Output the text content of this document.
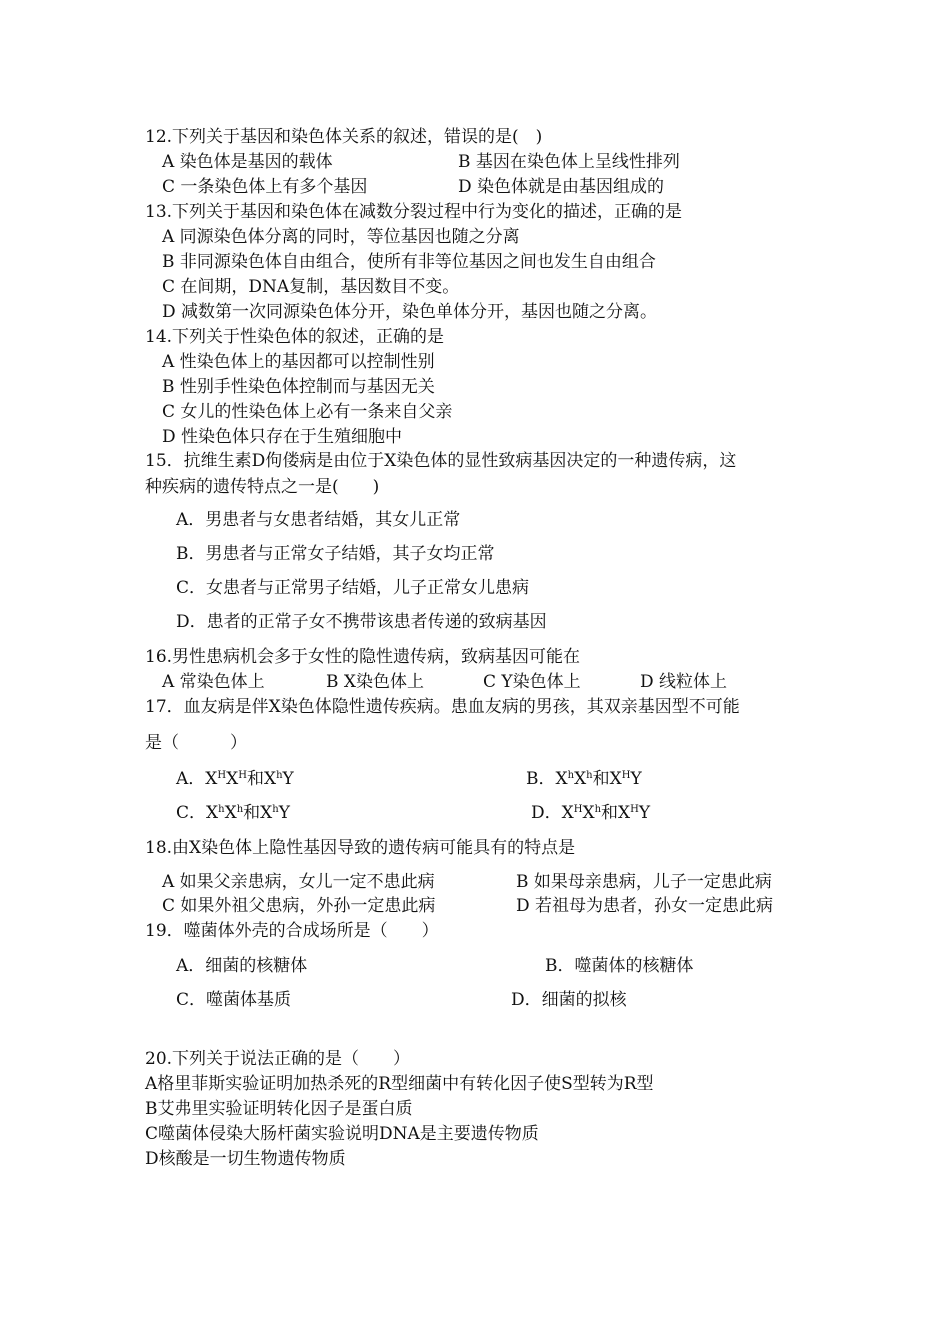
12.下列关于基因和染色体关系的叙述，错误的是(　)
A 染色体是基因的载体	B 基因在染色体上呈线性排列
C 一条染色体上有多个基因	D 染色体就是由基因组成的
13.下列关于基因和染色体在减数分裂过程中行为变化的描述，正确的是
A 同源染色体分离的同时，等位基因也随之分离
B 非同源染色体自由组合，使所有非等位基因之间也发生自由组合
C 在间期，DNA复制，基因数目不变。
D 减数第一次同源染色体分开，染色单体分开，基因也随之分离。
14.下列关于性染色体的叙述，正确的是
A 性染色体上的基因都可以控制性别
B 性别手性染色体控制而与基因无关
C 女儿的性染色体上必有一条来自父亲
D 性染色体只存在于生殖细胞中
15．抗维生素D佝偻病是由位于X染色体的显性致病基因决定的一种遗传病，这
种疾病的遗传特点之一是(　　)
A．男患者与女患者结婚，其女儿正常
B．男患者与正常女子结婚，其子女均正常
C．女患者与正常男子结婚，儿子正常女儿患病
D．患者的正常子女不携带该患者传递的致病基因
16.男性患病机会多于女性的隐性遗传病，致病基因可能在
A 常染色体上	B X染色体上	C Y染色体上	D 线粒体上
17．血友病是伴X染色体隐性遗传疾病。患血友病的男孩，其双亲基因型不可能
是（　　　）
A．$X^HX^H$和$X^hY$	B．$X^hX^h$和$X^HY$
C．$X^hX^h$和$X^hY$	D．$X^HX^h$和$X^HY$
18.由X染色体上隐性基因导致的遗传病可能具有的特点是
A 如果父亲患病，女儿一定不患此病	B 如果母亲患病，儿子一定患此病
C 如果外祖父患病，外孙一定患此病	D 若祖母为患者，孙女一定患此病
19．噬菌体外壳的合成场所是（　　）
A．细菌的核糖体	B．噬菌体的核糖体
C．噬菌体基质	D．细菌的拟核
20.下列关于说法正确的是（　　）
A格里菲斯实验证明加热杀死的R型细菌中有转化因子使S型转为R型
B艾弗里实验证明转化因子是蛋白质
C噬菌体侵染大肠杆菌实验说明DNA是主要遗传物质
D核酸是一切生物遗传物质
